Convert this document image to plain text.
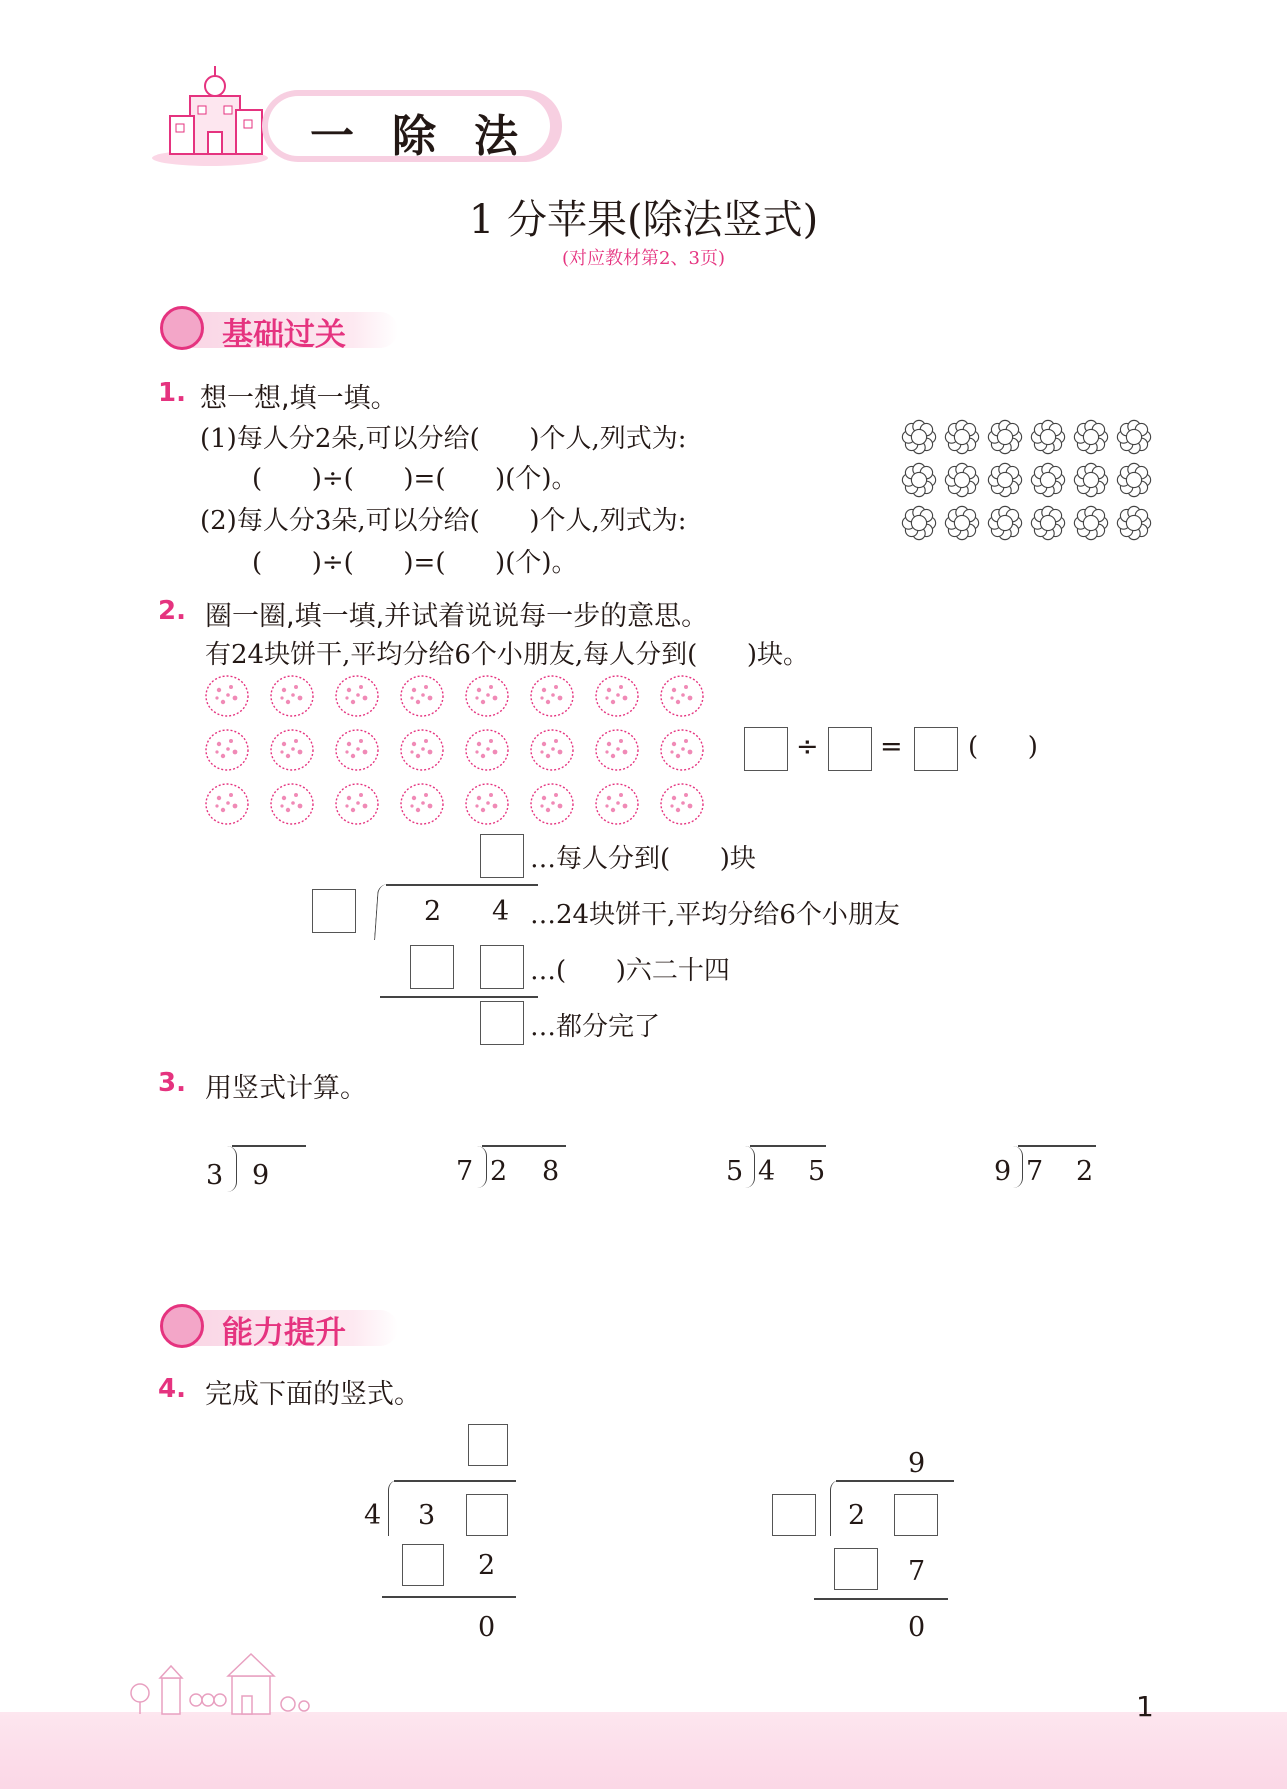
一除法
1 分苹果(除法竖式)
(对应教材第2、3页)
基础过关
1. 想一想,填一填。
(1)每人分2朵,可以分给(      )个人,列式为:
(      )÷(      )=(      )(个)。
(2)每人分3朵,可以分给(      )个人,列式为:
(      )÷(      )=(      )(个)。
2. 圈一圈,填一填,并试着说说每一步的意思。
有24块饼干,平均分给6个小朋友,每人分到(      )块。
÷ =	(      )
…每人分到(      )块
2 4 …24块饼干,平均分给6个小朋友
…(      )六二十四
…都分完了
3. 用竖式计算。
3 9	7 2 8	5 4 5	9 7 2
能力提升
4. 完成下面的竖式。
4 3
2
0
9
2
7
0
1
